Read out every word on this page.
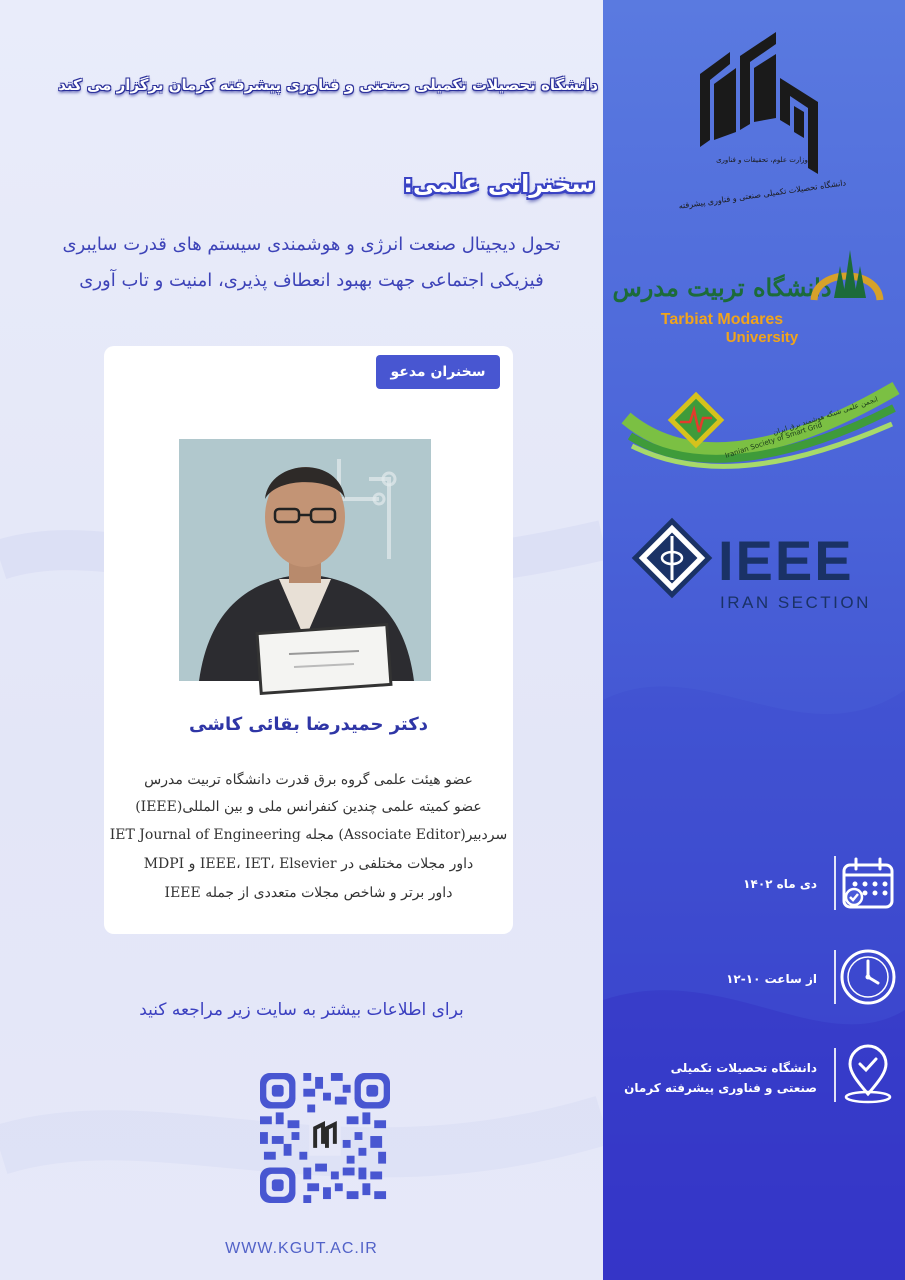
دانشگاه تحصیلات تکمیلی صنعتی و فناوری پیشرفته کرمان برگزار می کند
سخنرانی علمی:
تحول دیجیتال صنعت انرژی و هوشمندی سیستم های قدرت سایبری
فیزیکی اجتماعی جهت بهبود انعطاف پذیری، امنیت و تاب آوری
سخنران مدعو
دکتر حمیدرضا بقائی کاشی
عضو هیئت علمی گروه برق قدرت دانشگاه تربیت مدرس
عضو کمیته علمی چندین کنفرانس ملی و بین المللی(IEEE)
سردبیر(Associate Editor) مجله IET Journal of Engineering
داور مجلات مختلفی در IEEE، IET، Elsevier و MDPI
داور برتر و شاخص مجلات متعددی از جمله IEEE
برای اطلاعات بیشتر به سایت زیر مراجعه کنید
WWW.KGUT.AC.IR
وزارت علوم، تحقیقات و فناوری
دانشگاه تحصیلات تکمیلی صنعتی و فناوری پیشرفته
دانشگاه تربیت مدرس
Tarbiat Modares
University
Iranian Society of Smart Grid
انجمن علمی شبکه هوشمند برق ایران
IEEE
IRAN SECTION
دی ماه ۱۴۰۲
از ساعت ۱۰-۱۲
دانشگاه تحصیلات تکمیلی
صنعتی و فناوری پیشرفته کرمان
